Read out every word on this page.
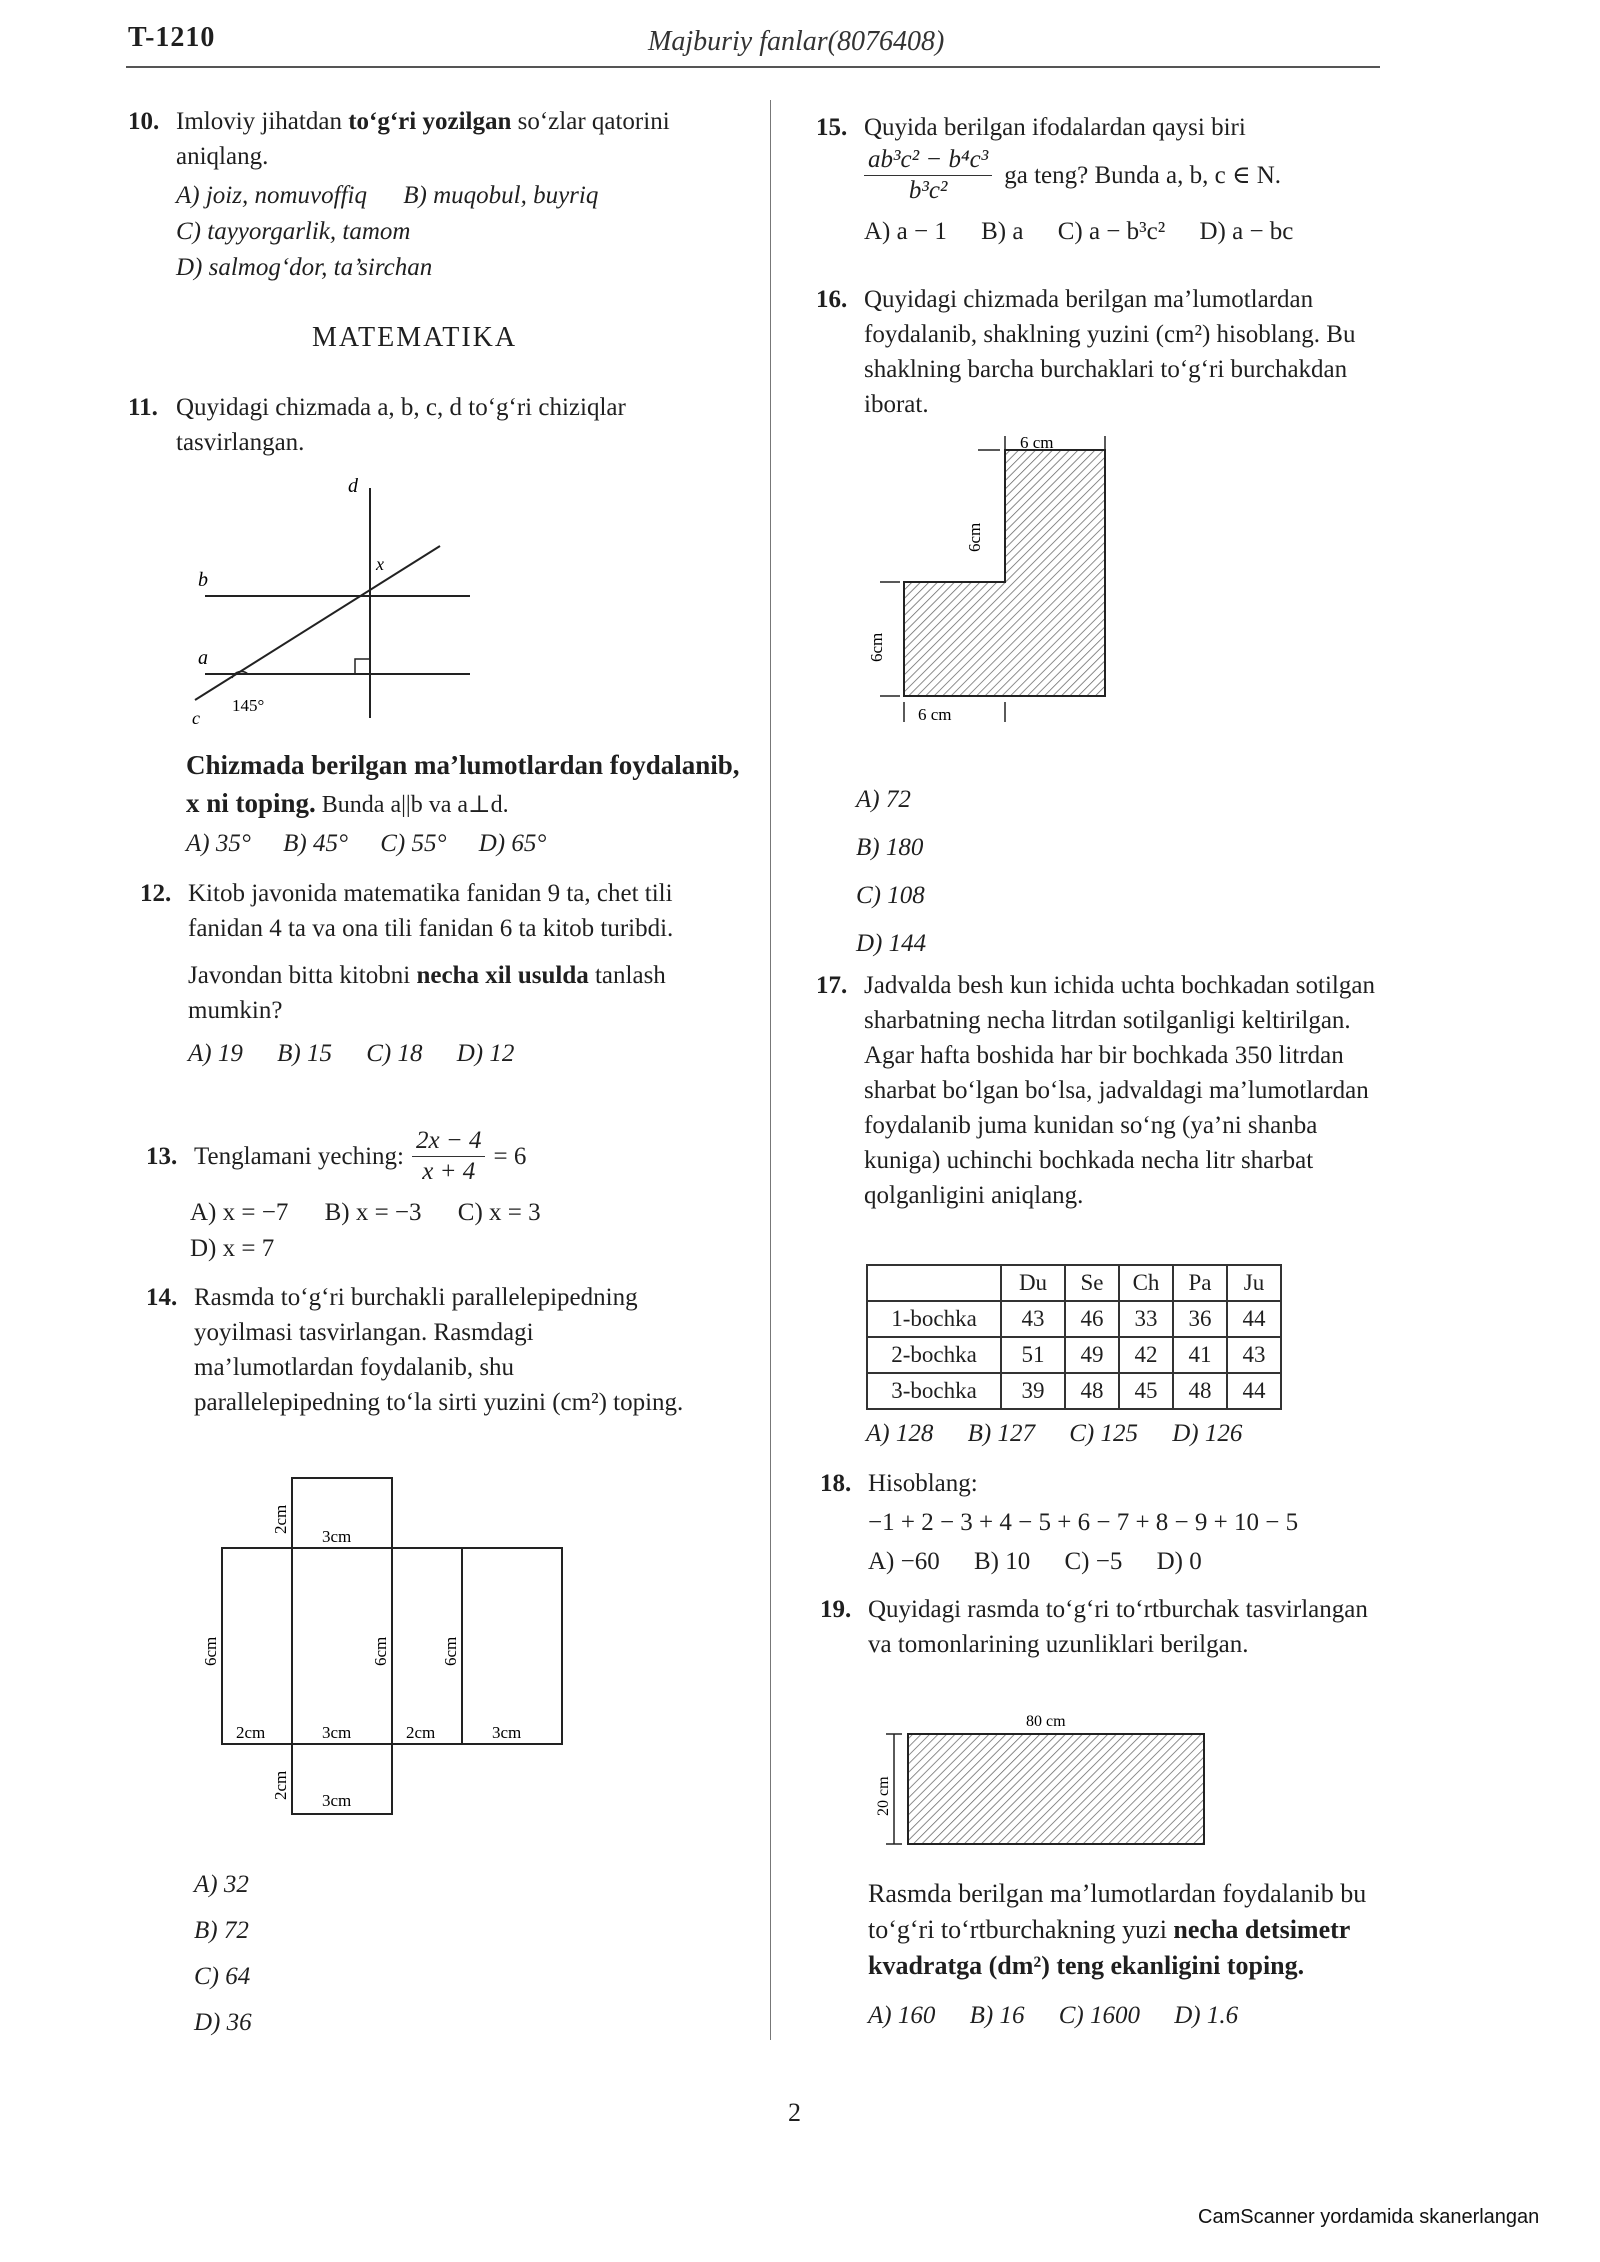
T-1210	Majburiy fanlar(8076408)
10. Imloviy jihatdan to‘g‘ri yozilgan so‘zlar qatorini aniqlang.
A) joiz, nomuvoffiq B) muqobul, buyriq
C) tayyorgarlik, tamom
D) salmog‘dor, ta’sirchan
MATEMATIKA
11. Quyidagi chizmada a, b, c, d to‘g‘ri chiziqlar tasvirlangan.
d
b
a
c
x
145°
Chizmada berilgan ma’lumotlardan foydalanib, x ni toping. Bunda a||b va a⊥d.
A) 35° B) 45° C) 55° D) 65°
12. Kitob javonida matematika fanidan 9 ta, chet tili fanidan 4 ta va ona tili fanidan 6 ta kitob turibdi.
Javondan bitta kitobni necha xil usulda tanlash mumkin?
A) 19 B) 15 C) 18 D) 12
13. Tenglamani yeching: $\frac{2x - 4}{x + 4} = 6$
A) x = −7 B) x = −3 C) x = 3
D) x = 7
14. Rasmda to‘g‘ri burchakli parallelepipedning yoyilmasi tasvirlangan. Rasmdagi ma’lumotlardan foydalanib, shu parallelepipedning to‘la sirti yuzini (cm²) toping.
2cm
3cm
6cm	6cm	6cm
2cm	3cm	2cm	3cm
2cm
3cm
A) 32
B) 72
C) 64
D) 36
15. Quyida berilgan ifodalardan qaysi biri
$\frac{\text{ab³c² − b⁴c³}}{\text{b³c²}}$ ga teng? Bunda a, b, c ∈ N.
A) a − 1 B) a C) a − b³c² D) a − bc
16. Quyidagi chizmada berilgan ma’lumotlardan foydalanib, shaklning yuzini (cm²) hisoblang. Bu shaklning barcha burchaklari to‘g‘ri burchakdan iborat.
6 cm
6cm
6cm
6 cm
A) 72
B) 180
C) 108
D) 144
17. Jadvalda besh kun ichida uchta bochkadan sotilgan sharbatning necha litrdan sotilganligi keltirilgan. Agar hafta boshida har bir bochkada 350 litrdan sharbat bo‘lgan bo‘lsa, jadvaldagi ma’lumotlardan foydalanib juma kunidan so‘ng (ya’ni shanba kuniga) uchinchi bochkada necha litr sharbat qolganligini aniqlang.
	Du	Se	Ch	Pa	Ju
1-bochka	43	46	33	36	44
2-bochka	51	49	42	41	43
3-bochka	39	48	45	48	44
A) 128 B) 127 C) 125 D) 126
18. Hisoblang:
−1 + 2 − 3 + 4 − 5 + 6 − 7 + 8 − 9 + 10 − 5
A) −60 B) 10 C) −5 D) 0
19. Quyidagi rasmda to‘g‘ri to‘rtburchak tasvirlangan va tomonlarining uzunliklari berilgan.
80 cm
20 cm
Rasmda berilgan ma’lumotlardan foydalanib bu to‘g‘ri to‘rtburchakning yuzi necha detsimetr kvadratga (dm²) teng ekanligini toping.
A) 160 B) 16 C) 1600 D) 1.6
2
CamScanner yordamida skanerlangan
